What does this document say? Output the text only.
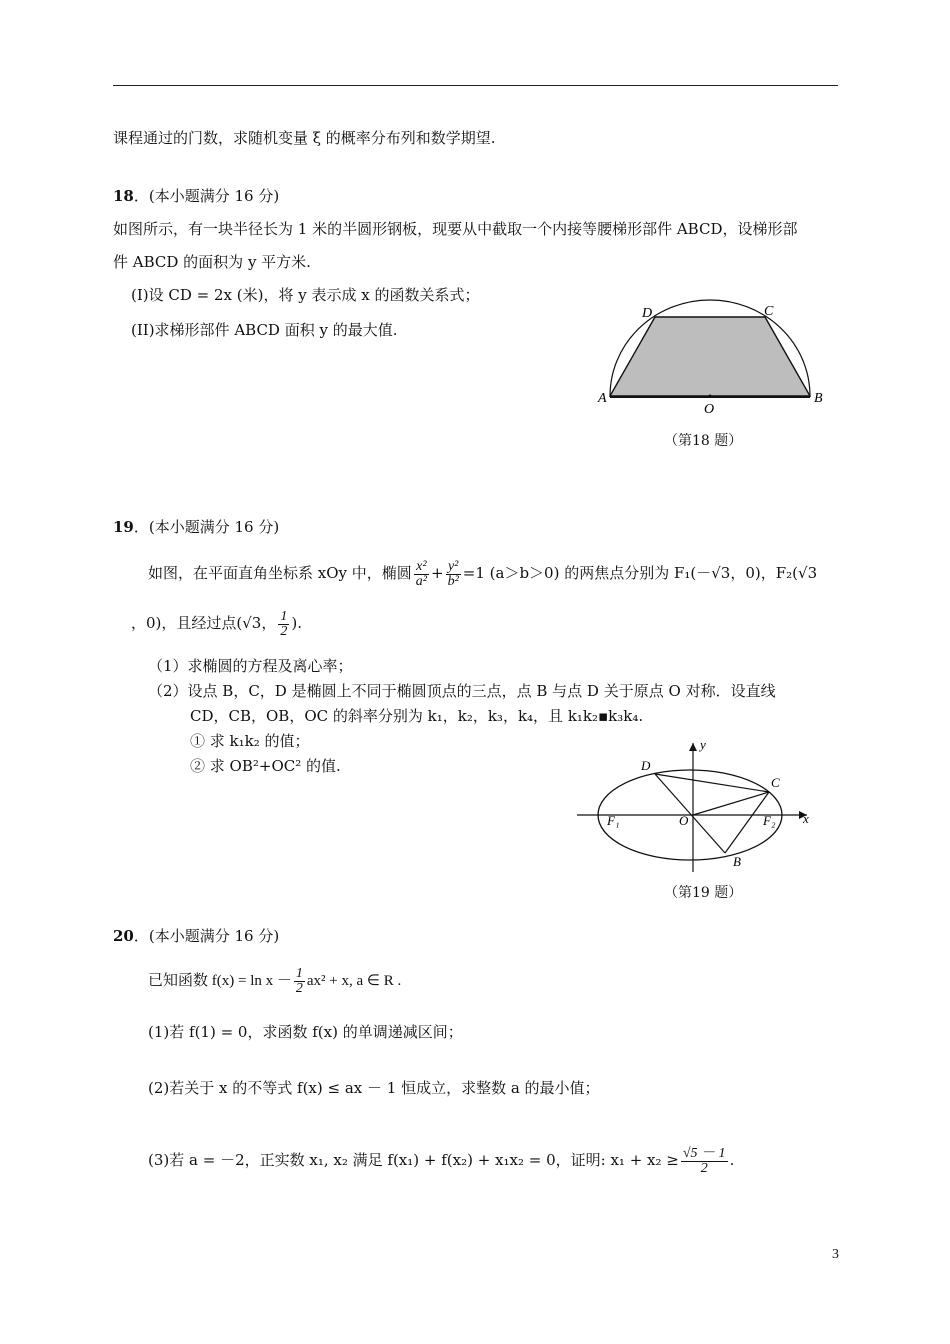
课程通过的门数，求随机变量 ξ 的概率分布列和数学期望.
18．(本小题满分 16 分)
如图所示，有一块半径长为 1 米的半圆形钢板，现要从中截取一个内接等腰梯形部件 ABCD，设梯形部
件 ABCD 的面积为 y 平方米.
(I)设 CD = 2x (米)，将 y 表示成 x 的函数关系式；
(II)求梯形部件 ABCD 面积 y 的最大值.
A	B
C
D
O
（第18 题）
19．(本小题满分 16 分)
如图，在平面直角坐标系 xOy 中，椭圆 $\frac{\text{x²}}{\text{a²}} + \frac{\text{y²}}{\text{b²}} =1$ (a＞b＞0) 的两焦点分别为 F₁(－√3，0)，F₂(√3
，0)，且经过点(√3， $\frac{1}{2}$ ).
（1）求椭圆的方程及离心率；
（2）设点 B，C，D 是椭圆上不同于椭圆顶点的三点，点 B 与点 D 关于原点 O 对称．设直线
CD，CB，OB，OC 的斜率分别为 k₁，k₂，k₃，k₄，且 k₁k₂▪k₃k₄.
① 求 k₁k₂ 的值；
② 求 OB²+OC² 的值.	D
C
B
O
F₁	F₂ x
y
（第19 题）
20．(本小题满分 16 分)
已知函数 $f(x) = \ln x - \frac{1}{2} ax^2 + x$, a ∈ R .
(1)若 f(1) = 0，求函数 f(x) 的单调递减区间；
(2)若关于 x 的不等式 f(x) ≤ ax － 1 恒成立，求整数 a 的最小值；
(3)若 a = －2，正实数 x₁, x₂ 满足 f(x₁) + f(x₂) + x₁x₂ = 0，证明: $x_1 + x_2 \ge \frac{√5 - 1}{2}$ .
3
